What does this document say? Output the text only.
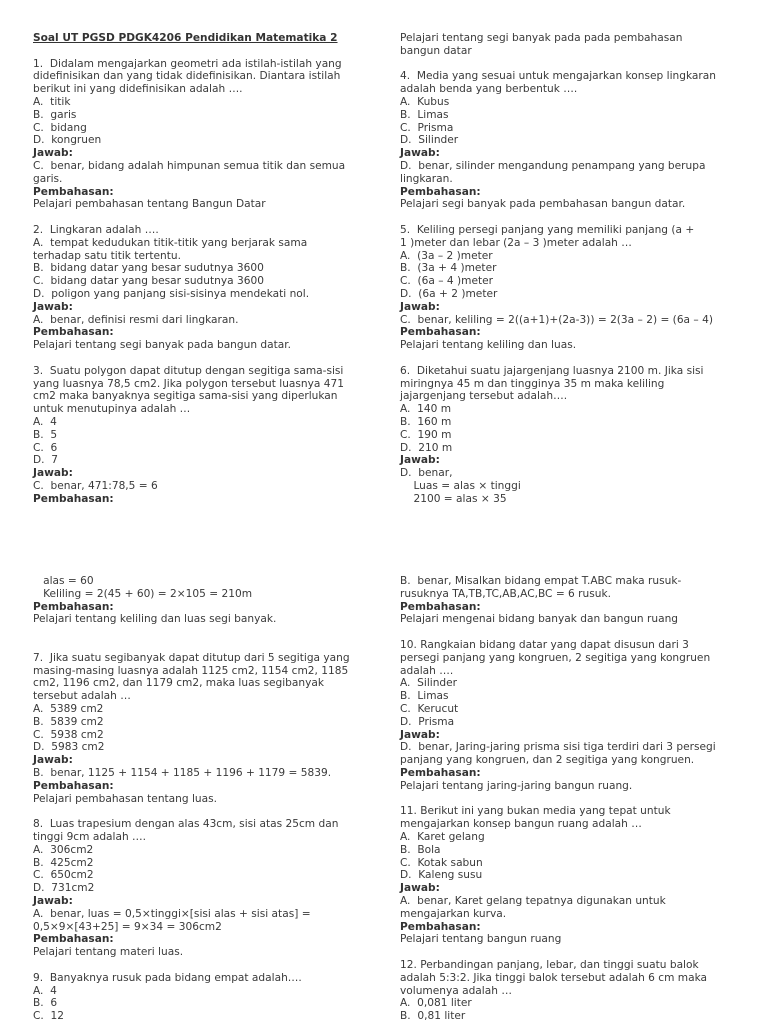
Soal UT PGSD PDGK4206 Pendidikan Matematika 2
1.  Didalam mengajarkan geometri ada istilah-istilah yang
didefinisikan dan yang tidak didefinisikan. Diantara istilah
berikut ini yang didefinisikan adalah ….
A.  titik
B.  garis
C.  bidang
D.  kongruen
Jawab:
C.  benar, bidang adalah himpunan semua titik dan semua
garis.
Pembahasan:
Pelajari pembahasan tentang Bangun Datar
2.  Lingkaran adalah ….
A.  tempat kedudukan titik-titik yang berjarak sama
terhadap satu titik tertentu.
B.  bidang datar yang besar sudutnya 3600
C.  bidang datar yang besar sudutnya 3600
D.  poligon yang panjang sisi-sisinya mendekati nol.
Jawab:
A.  benar, definisi resmi dari lingkaran.
Pembahasan:
Pelajari tentang segi banyak pada bangun datar.
3.  Suatu polygon dapat ditutup dengan segitiga sama-sisi
yang luasnya 78,5 cm2. Jika polygon tersebut luasnya 471
cm2 maka banyaknya segitiga sama-sisi yang diperlukan
untuk menutupinya adalah …
A.  4
B.  5
C.  6
D.  7
Jawab:
C.  benar, 471:78,5 = 6
Pembahasan:
Pelajari tentang segi banyak pada pada pembahasan
bangun datar
4.  Media yang sesuai untuk mengajarkan konsep lingkaran
adalah benda yang berbentuk ….
A.  Kubus
B.  Limas
C.  Prisma
D.  Silinder
Jawab:
D.  benar, silinder mengandung penampang yang berupa
lingkaran.
Pembahasan:
Pelajari segi banyak pada pembahasan bangun datar.
5.  Keliling persegi panjang yang memiliki panjang (a +
1 )meter dan lebar (2a – 3 )meter adalah …
A.  (3a – 2 )meter
B.  (3a + 4 )meter
C.  (6a – 4 )meter
D.  (6a + 2 )meter
Jawab:
C.  benar, keliling = 2((a+1)+(2a-3)) = 2(3a – 2) = (6a – 4)
Pembahasan:
Pelajari tentang keliling dan luas.
6.  Diketahui suatu jajargenjang luasnya 2100 m. Jika sisi
miringnya 45 m dan tingginya 35 m maka keliling
jajargenjang tersebut adalah….
A.  140 m
B.  160 m
C.  190 m
D.  210 m
Jawab:
D.  benar,
Luas = alas × tinggi
2100 = alas × 35
alas = 60
Keliling = 2(45 + 60) = 2×105 = 210m
Pembahasan:
Pelajari tentang keliling dan luas segi banyak.
7.  Jika suatu segibanyak dapat ditutup dari 5 segitiga yang
masing-masing luasnya adalah 1125 cm2, 1154 cm2, 1185
cm2, 1196 cm2, dan 1179 cm2, maka luas segibanyak
tersebut adalah …
A.  5389 cm2
B.  5839 cm2
C.  5938 cm2
D.  5983 cm2
Jawab:
B.  benar, 1125 + 1154 + 1185 + 1196 + 1179 = 5839.
Pembahasan:
Pelajari pembahasan tentang luas.
8.  Luas trapesium dengan alas 43cm, sisi atas 25cm dan
tinggi 9cm adalah ….
A.  306cm2
B.  425cm2
C.  650cm2
D.  731cm2
Jawab:
A.  benar, luas = 0,5×tinggi×[sisi alas + sisi atas] =
0,5×9×[43+25] = 9×34 = 306cm2
Pembahasan:
Pelajari tentang materi luas.
9.  Banyaknya rusuk pada bidang empat adalah….
A.  4
B.  6
C.  12
B.  benar, Misalkan bidang empat T.ABC maka rusuk-
rusuknya TA,TB,TC,AB,AC,BC = 6 rusuk.
Pembahasan:
Pelajari mengenai bidang banyak dan bangun ruang
10. Rangkaian bidang datar yang dapat disusun dari 3
persegi panjang yang kongruen, 2 segitiga yang kongruen
adalah ….
A.  Silinder
B.  Limas
C.  Kerucut
D.  Prisma
Jawab:
D.  benar, Jaring-jaring prisma sisi tiga terdiri dari 3 persegi
panjang yang kongruen, dan 2 segitiga yang kongruen.
Pembahasan:
Pelajari tentang jaring-jaring bangun ruang.
11. Berikut ini yang bukan media yang tepat untuk
mengajarkan konsep bangun ruang adalah …
A.  Karet gelang
B.  Bola
C.  Kotak sabun
D.  Kaleng susu
Jawab:
A.  benar, Karet gelang tepatnya digunakan untuk
mengajarkan kurva.
Pembahasan:
Pelajari tentang bangun ruang
12. Perbandingan panjang, lebar, dan tinggi suatu balok
adalah 5:3:2. Jika tinggi balok tersebut adalah 6 cm maka
volumenya adalah …
A.  0,081 liter
B.  0,81 liter
